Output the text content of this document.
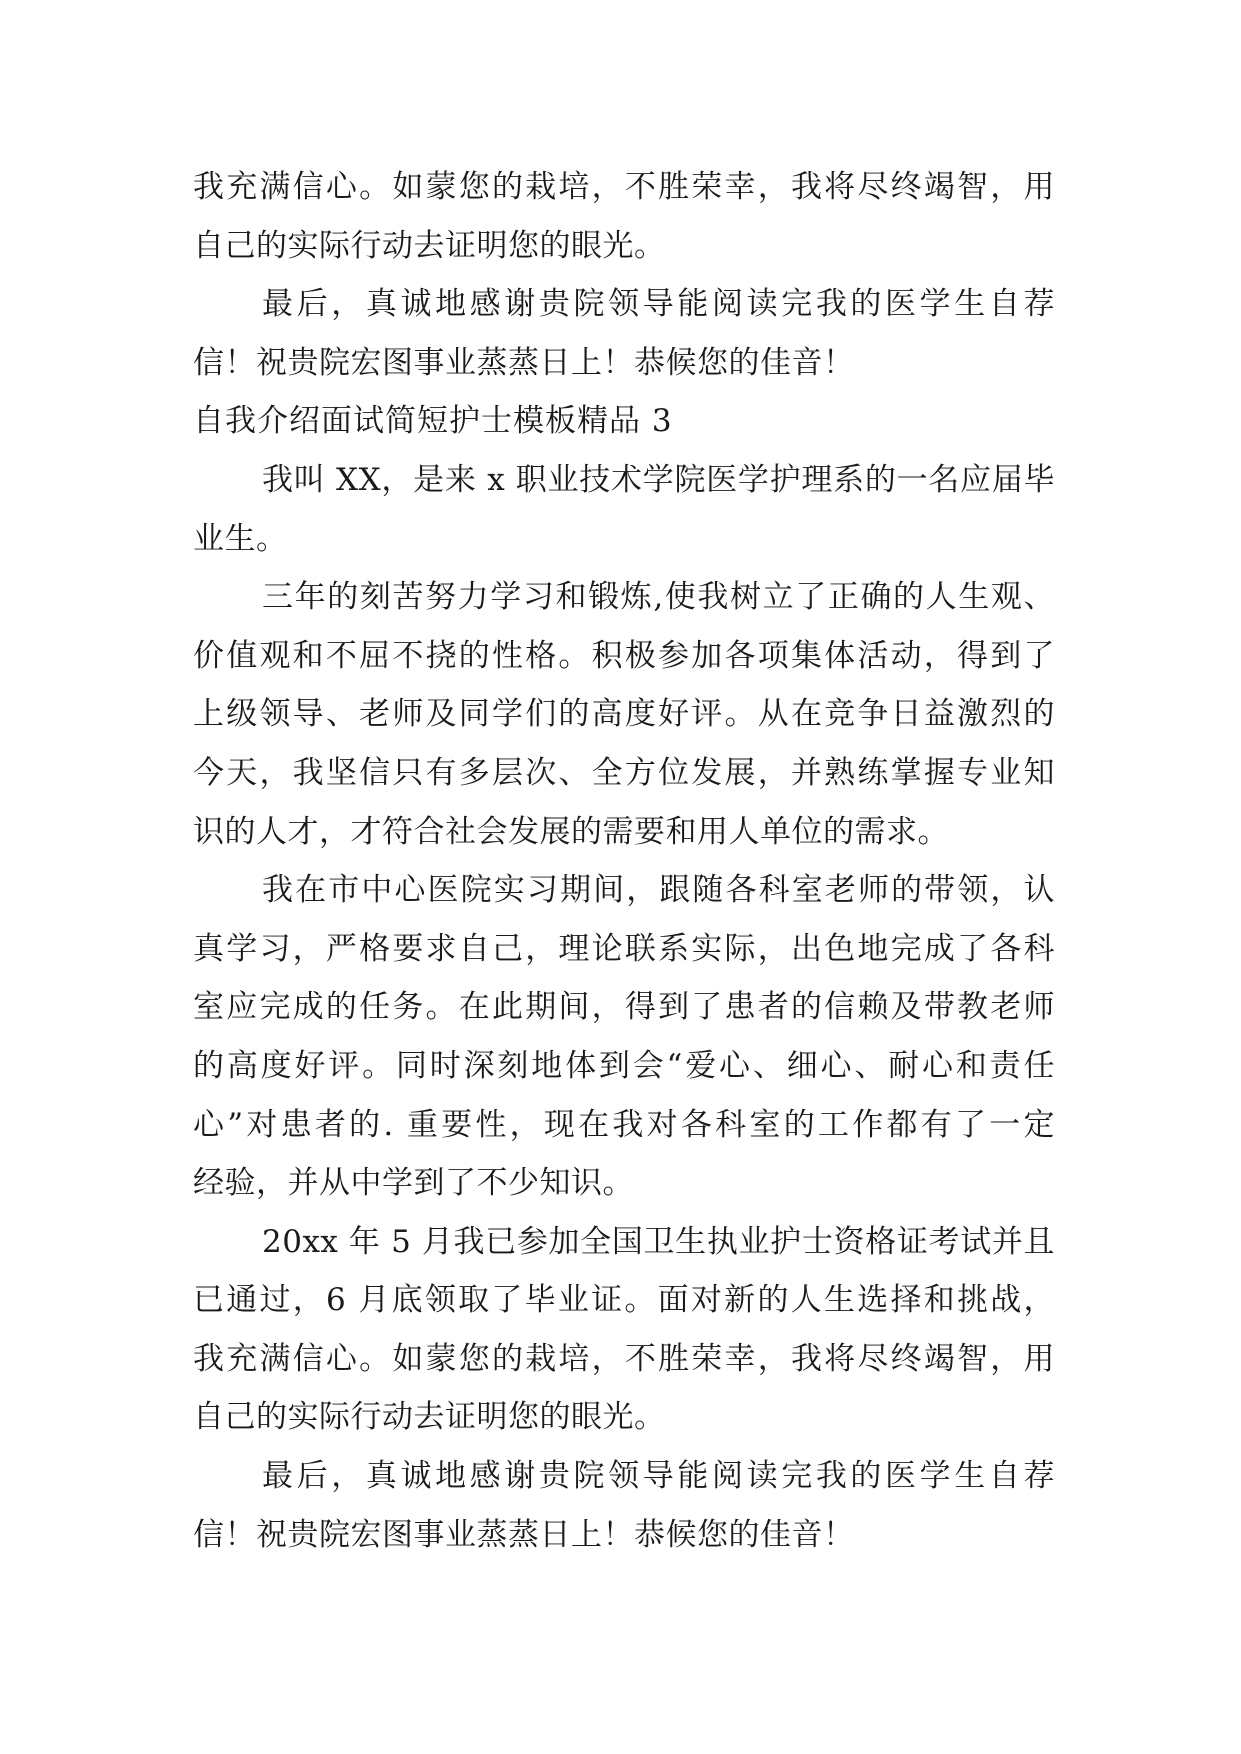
我充满信心。如蒙您的栽培，不胜荣幸，我将尽终竭智，用
自己的实际行动去证明您的眼光。
最后，真诚地感谢贵院领导能阅读完我的医学生自荐
信！祝贵院宏图事业蒸蒸日上！恭候您的佳音！
自我介绍面试简短护士模板精品 3
我叫 XX，是来 x 职业技术学院医学护理系的一名应届毕
业生。
三年的刻苦努力学习和锻炼,使我树立了正确的人生观、
价值观和不屈不挠的性格。积极参加各项集体活动，得到了
上级领导、老师及同学们的高度好评。从在竞争日益激烈的
今天，我坚信只有多层次、全方位发展，并熟练掌握专业知
识的人才，才符合社会发展的需要和用人单位的需求。
我在市中心医院实习期间，跟随各科室老师的带领，认
真学习，严格要求自己，理论联系实际，出色地完成了各科
室应完成的任务。在此期间，得到了患者的信赖及带教老师
的高度好评。同时深刻地体到会“爱心、细心、耐心和责任
心”对患者的. 重要性，现在我对各科室的工作都有了一定
经验，并从中学到了不少知识。
20xx 年 5 月我已参加全国卫生执业护士资格证考试并且
已通过，6 月底领取了毕业证。面对新的人生选择和挑战，
我充满信心。如蒙您的栽培，不胜荣幸，我将尽终竭智，用
自己的实际行动去证明您的眼光。
最后，真诚地感谢贵院领导能阅读完我的医学生自荐
信！祝贵院宏图事业蒸蒸日上！恭候您的佳音！
